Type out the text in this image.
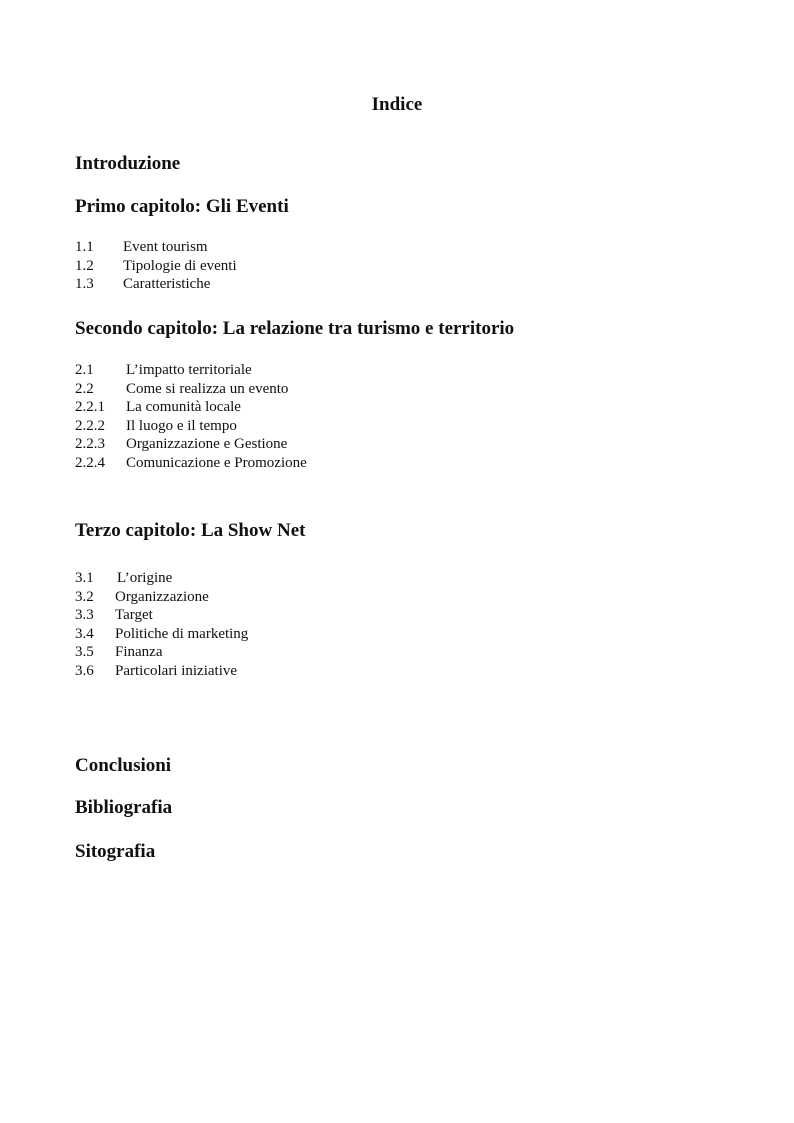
Indice
Introduzione
Primo capitolo: Gli Eventi
1.1	Event tourism
1.2	Tipologie di eventi
1.3	Caratteristiche
Secondo capitolo: La relazione tra turismo e territorio
2.1	L’impatto territoriale
2.2	Come si realizza un evento
2.2.1	La comunità locale
2.2.2	Il luogo e il tempo
2.2.3	Organizzazione e Gestione
2.2.4	Comunicazione e Promozione
Terzo capitolo: La Show Net
3.1	L’origine
3.2	Organizzazione
3.3	Target
3.4	Politiche di marketing
3.5	Finanza
3.6	Particolari iniziative
Conclusioni
Bibliografia
Sitografia
